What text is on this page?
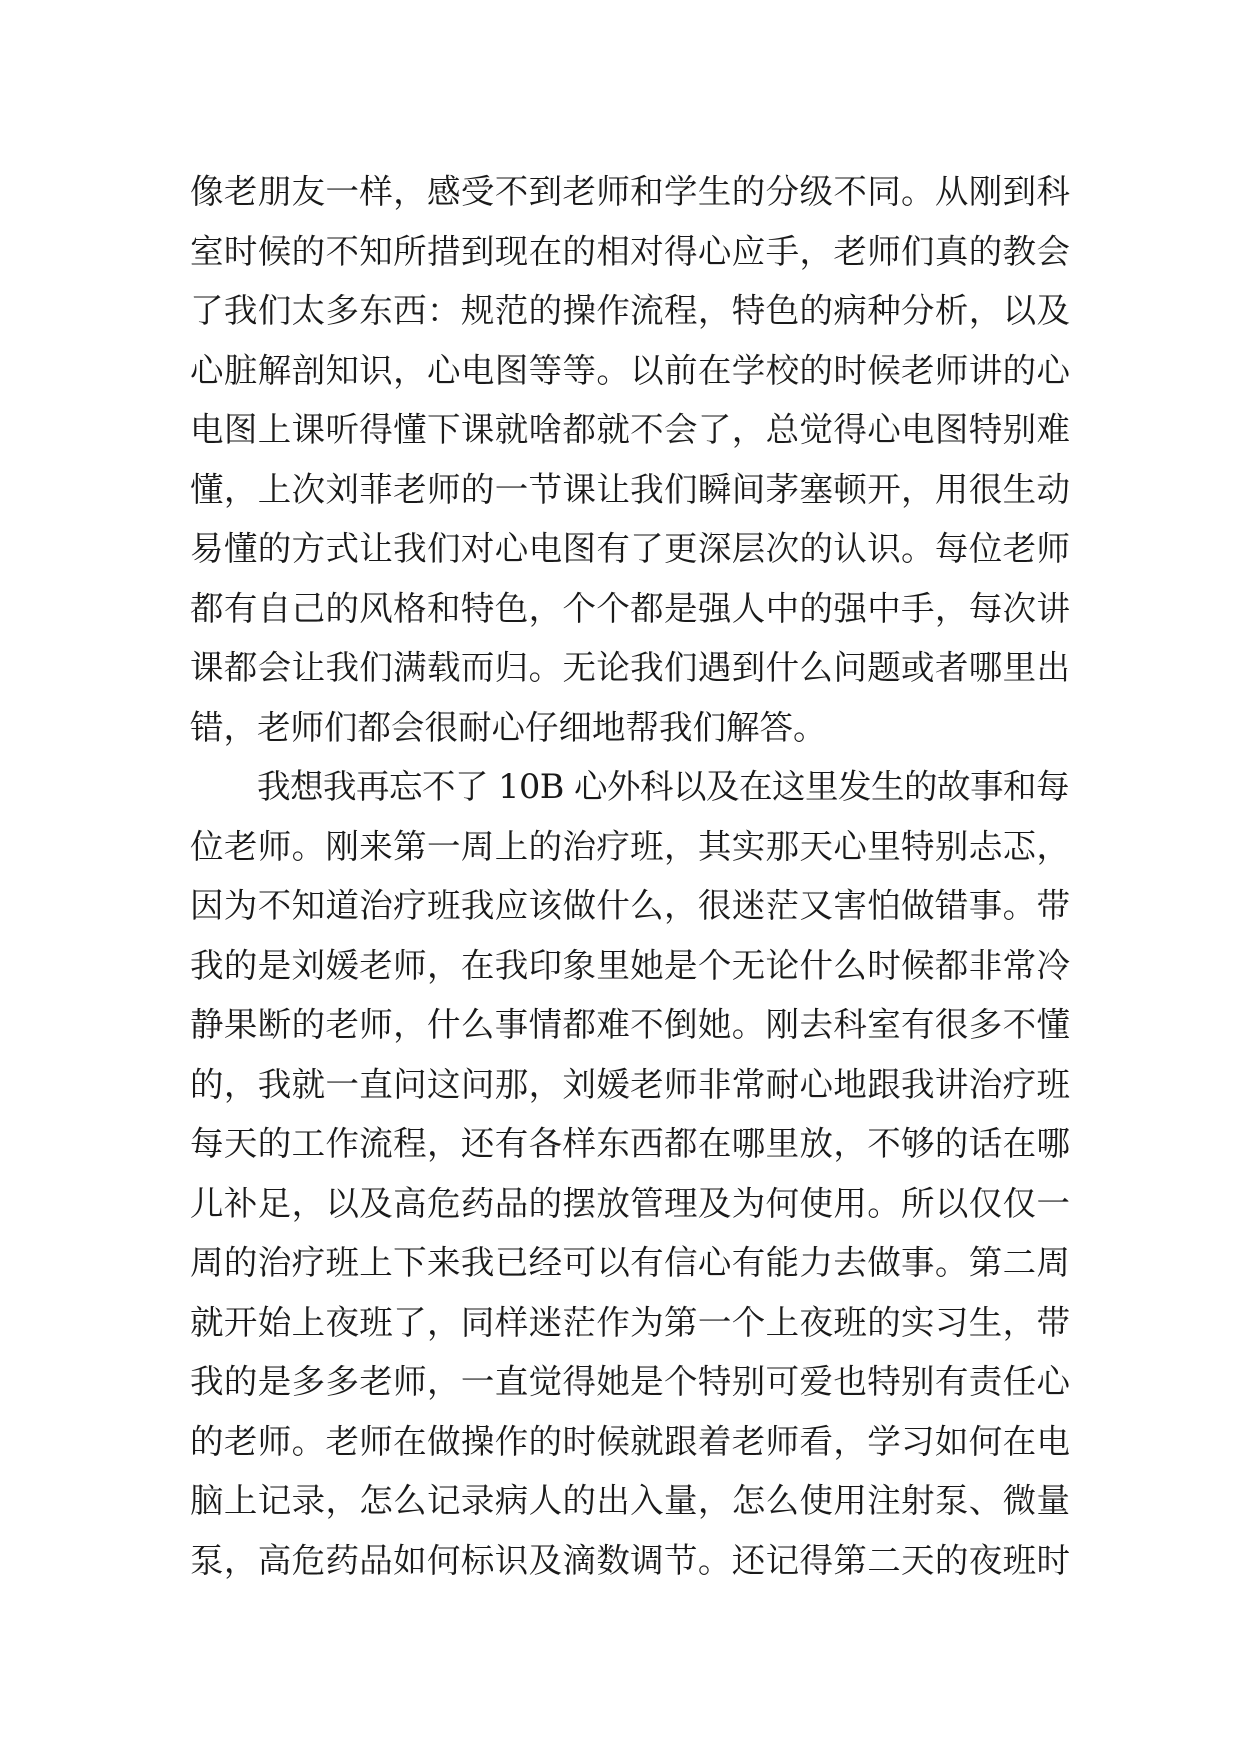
像老朋友一样，感受不到老师和学生的分级不同。从刚到科
室时候的不知所措到现在的相对得心应手，老师们真的教会
了我们太多东西：规范的操作流程，特色的病种分析，以及
心脏解剖知识，心电图等等。以前在学校的时候老师讲的心
电图上课听得懂下课就啥都就不会了，总觉得心电图特别难
懂，上次刘菲老师的一节课让我们瞬间茅塞顿开，用很生动
易懂的方式让我们对心电图有了更深层次的认识。每位老师
都有自己的风格和特色，个个都是强人中的强中手，每次讲
课都会让我们满载而归。无论我们遇到什么问题或者哪里出
错，老师们都会很耐心仔细地帮我们解答。
我想我再忘不了 10B 心外科以及在这里发生的故事和每
位老师。刚来第一周上的治疗班，其实那天心里特别忐忑，
因为不知道治疗班我应该做什么，很迷茫又害怕做错事。带
我的是刘媛老师，在我印象里她是个无论什么时候都非常冷
静果断的老师，什么事情都难不倒她。刚去科室有很多不懂
的，我就一直问这问那，刘媛老师非常耐心地跟我讲治疗班
每天的工作流程，还有各样东西都在哪里放，不够的话在哪
儿补足，以及高危药品的摆放管理及为何使用。所以仅仅一
周的治疗班上下来我已经可以有信心有能力去做事。第二周
就开始上夜班了，同样迷茫作为第一个上夜班的实习生，带
我的是多多老师，一直觉得她是个特别可爱也特别有责任心
的老师。老师在做操作的时候就跟着老师看，学习如何在电
脑上记录，怎么记录病人的出入量，怎么使用注射泵、微量
泵，高危药品如何标识及滴数调节。还记得第二天的夜班时
